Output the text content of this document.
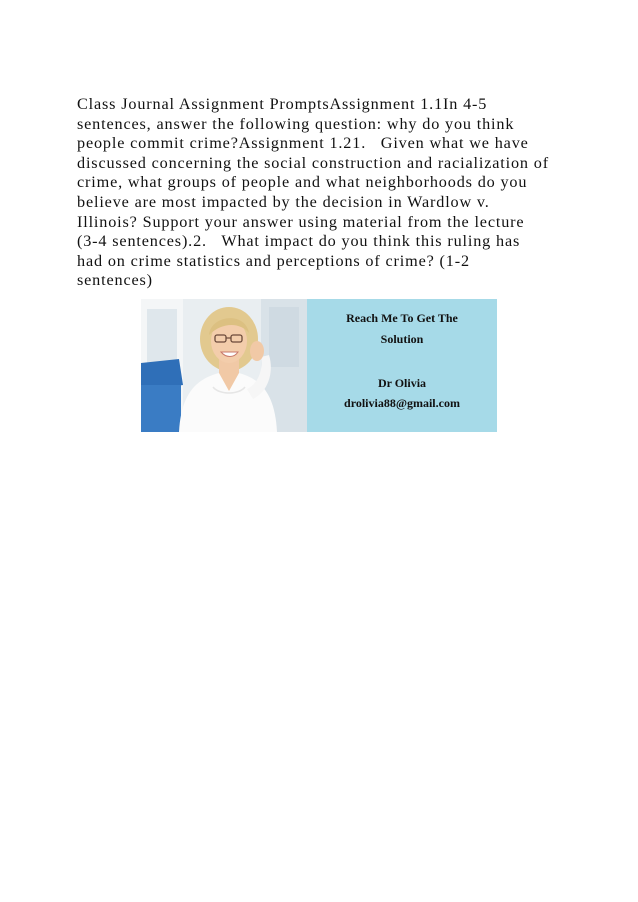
Class Journal Assignment PromptsAssignment 1.1In 4-5
sentences, answer the following question: why do you think
people commit crime?Assignment 1.21.   Given what we have
discussed concerning the social construction and racialization of
crime, what groups of people and what neighborhoods do you
believe are most impacted by the decision in Wardlow v.
Illinois? Support your answer using material from the lecture
(3-4 sentences).2.   What impact do you think this ruling has
had on crime statistics and perceptions of crime? (1-2
sentences)

Reach Me To Get The
Solution
Dr Olivia
drolivia88@gmail.com
